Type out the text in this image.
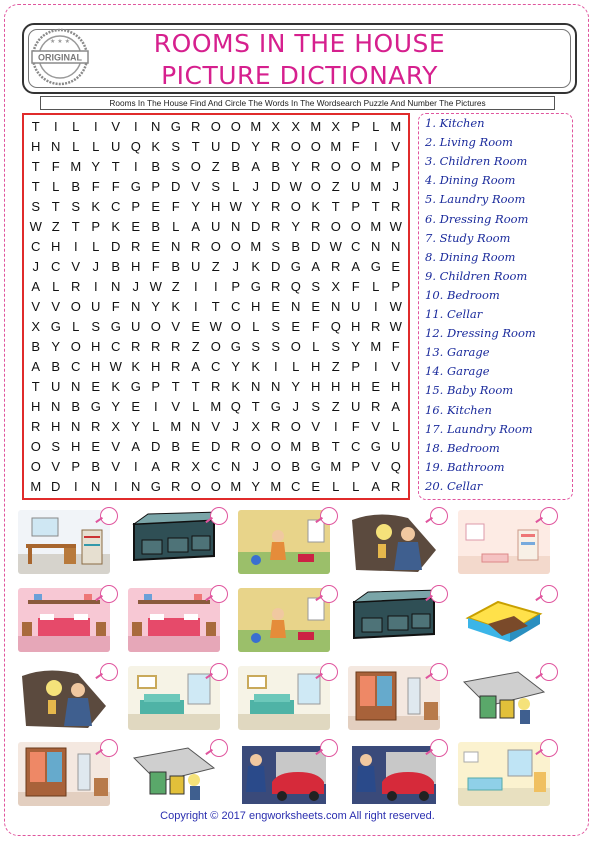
ROOMS IN THE HOUSE
PICTURE DICTIONARY
ORIGINAL
★ ★ ★
Rooms In The House Find And Circle The Words In The Wordsearch Puzzle And Number The Pictures
T	I	L	I	V	I	N G R O O M X X M X P L M
H N L L U Q K S T U D Y R O O M F	I	V
T F M Y T	I	B S O Z B A B Y R O O M P
T L B F F G P D V S L	J D W O Z U M J
S T S K C P E F Y H W Y R O K T P T R
W Z T P K E B L A U N D R Y R O O M W
C H	I	L D R E N R O O M S B D W C N N
J C V J B H F B U Z J K D G A R A G E
A L R	I	N J W Z	I	I	P G R Q S X F L P
V V O U F N Y K	I	T C H E N E N U	I W
X G L S G U O V E W O L S E F Q H R W
B Y O H C R R R Z O G S S O L S Y M F
A B C H W K H R A C Y K	I	L H Z P	I	V
T U N E K G P T T R K N N Y H H H E H
H N B G Y E	I	V L M Q T G J S Z U R A
R H N R X Y L M N V J X R O V	I	F V L
O S H E V A D B E D R O O M B T C G U
O V P B V	I	A R X C N J O B G M P V Q
M D	I	N	I	N G R O O M Y M C E L L A R
1. Kitchen
2. Living Room
3. Children Room
4. Dining Room
5. Laundry Room
6. Dressing Room
7. Study Room
8. Dining Room
9. Children Room
10. Bedroom
11. Cellar
12. Dressing Room
13. Garage
14. Garage
15. Baby Room
16. Kitchen
17. Laundry Room
18. Bedroom
19. Bathroom
20. Cellar
Copyright © 2017 engworksheets.com All right reserved.
